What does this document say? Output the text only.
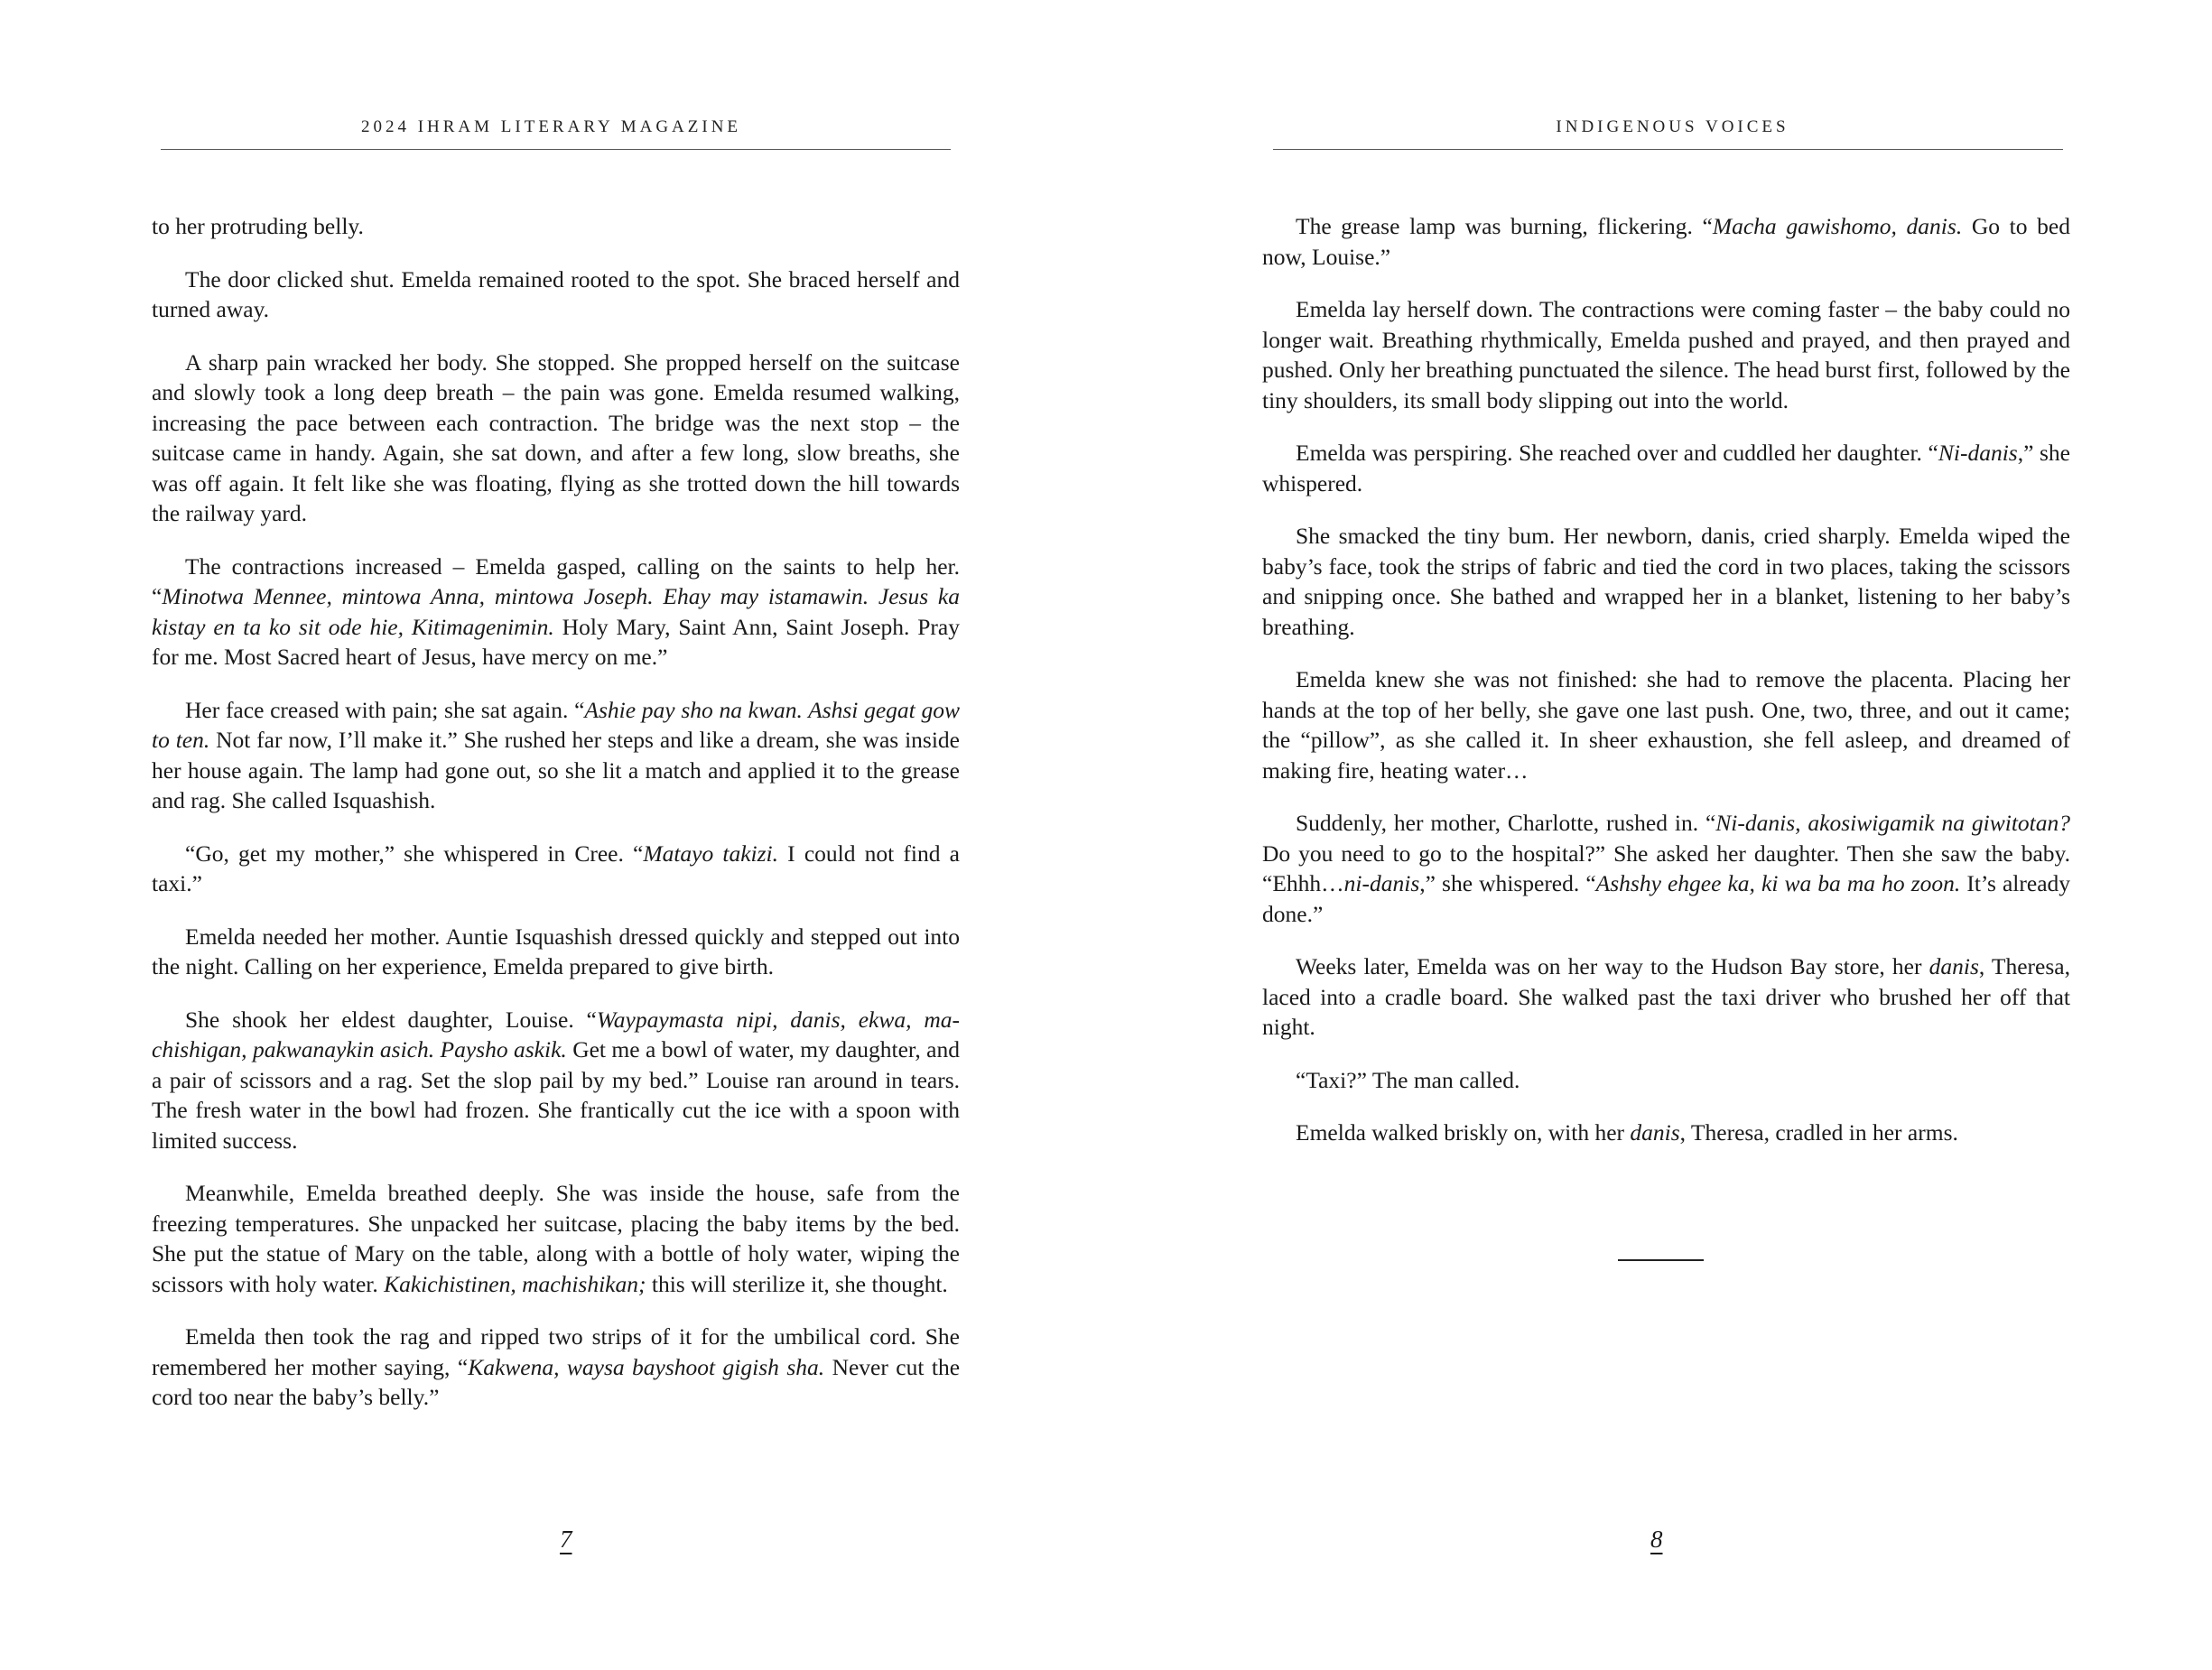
2024 IHRAM LITERARY MAGAZINE

to her protruding belly.

The door clicked shut. Emelda remained rooted to the spot. She braced herself and turned away.

A sharp pain wracked her body. She stopped. She propped herself on the suitcase and slowly took a long deep breath – the pain was gone. Emelda resumed walking, increasing the pace between each contraction. The bridge was the next stop – the suitcase came in handy. Again, she sat down, and after a few long, slow breaths, she was off again. It felt like she was floating, flying as she trotted down the hill towards the railway yard.

The contractions increased – Emelda gasped, calling on the saints to help her. “Minotwa Mennee, mintowa Anna, mintowa Joseph. Ehay may istamawin. Jesus ka kistay en ta ko sit ode hie, Kitimagenimin. Holy Mary, Saint Ann, Saint Joseph. Pray for me. Most Sacred heart of Jesus, have mercy on me.”

Her face creased with pain; she sat again. “Ashie pay sho na kwan. Ashsi gegat gow to ten. Not far now, I’ll make it.” She rushed her steps and like a dream, she was inside her house again. The lamp had gone out, so she lit a match and applied it to the grease and rag. She called Isquashish.

“Go, get my mother,” she whispered in Cree. “Matayo takizi. I could not find a taxi.”

Emelda needed her mother. Auntie Isquashish dressed quickly and stepped out into the night. Calling on her experience, Emelda prepared to give birth.

She shook her eldest daughter, Louise. “Waypaymasta nipi, danis, ekwa, machishigan, pakwanaykin asich. Paysho askik. Get me a bowl of water, my daughter, and a pair of scissors and a rag. Set the slop pail by my bed.” Louise ran around in tears. The fresh water in the bowl had frozen. She frantically cut the ice with a spoon with limited success.

Meanwhile, Emelda breathed deeply. She was inside the house, safe from the freezing temperatures. She unpacked her suitcase, placing the baby items by the bed. She put the statue of Mary on the table, along with a bottle of holy water, wiping the scissors with holy water. Kakichistinen, machishikan; this will sterilize it, she thought.

Emelda then took the rag and ripped two strips of it for the umbilical cord. She remembered her mother saying, “Kakwena, waysa bayshoot gigish sha. Never cut the cord too near the baby’s belly.”

7
INDIGENOUS VOICES

The grease lamp was burning, flickering. “Macha gawishomo, danis. Go to bed now, Louise.”

Emelda lay herself down. The contractions were coming faster – the baby could no longer wait. Breathing rhythmically, Emelda pushed and prayed, and then prayed and pushed. Only her breathing punctuated the silence. The head burst first, followed by the tiny shoulders, its small body slipping out into the world.

Emelda was perspiring. She reached over and cuddled her daughter. “Ni-danis,” she whispered.

She smacked the tiny bum. Her newborn, danis, cried sharply. Emelda wiped the baby’s face, took the strips of fabric and tied the cord in two places, taking the scissors and snipping once. She bathed and wrapped her in a blanket, listening to her baby’s breathing.

Emelda knew she was not finished: she had to remove the placenta. Placing her hands at the top of her belly, she gave one last push. One, two, three, and out it came; the “pillow”, as she called it. In sheer exhaustion, she fell asleep, and dreamed of making fire, heating water…

Suddenly, her mother, Charlotte, rushed in. “Ni-danis, akosiwigamik na giwitotan? Do you need to go to the hospital?” She asked her daughter. Then she saw the baby. “Ehhh…ni-danis,” she whispered. “Ashshy ehgee ka, ki wa ba ma ho zoon. It’s already done.”

Weeks later, Emelda was on her way to the Hudson Bay store, her danis, Theresa, laced into a cradle board. She walked past the taxi driver who brushed her off that night.

“Taxi?” The man called.

Emelda walked briskly on, with her danis, Theresa, cradled in her arms.

8
